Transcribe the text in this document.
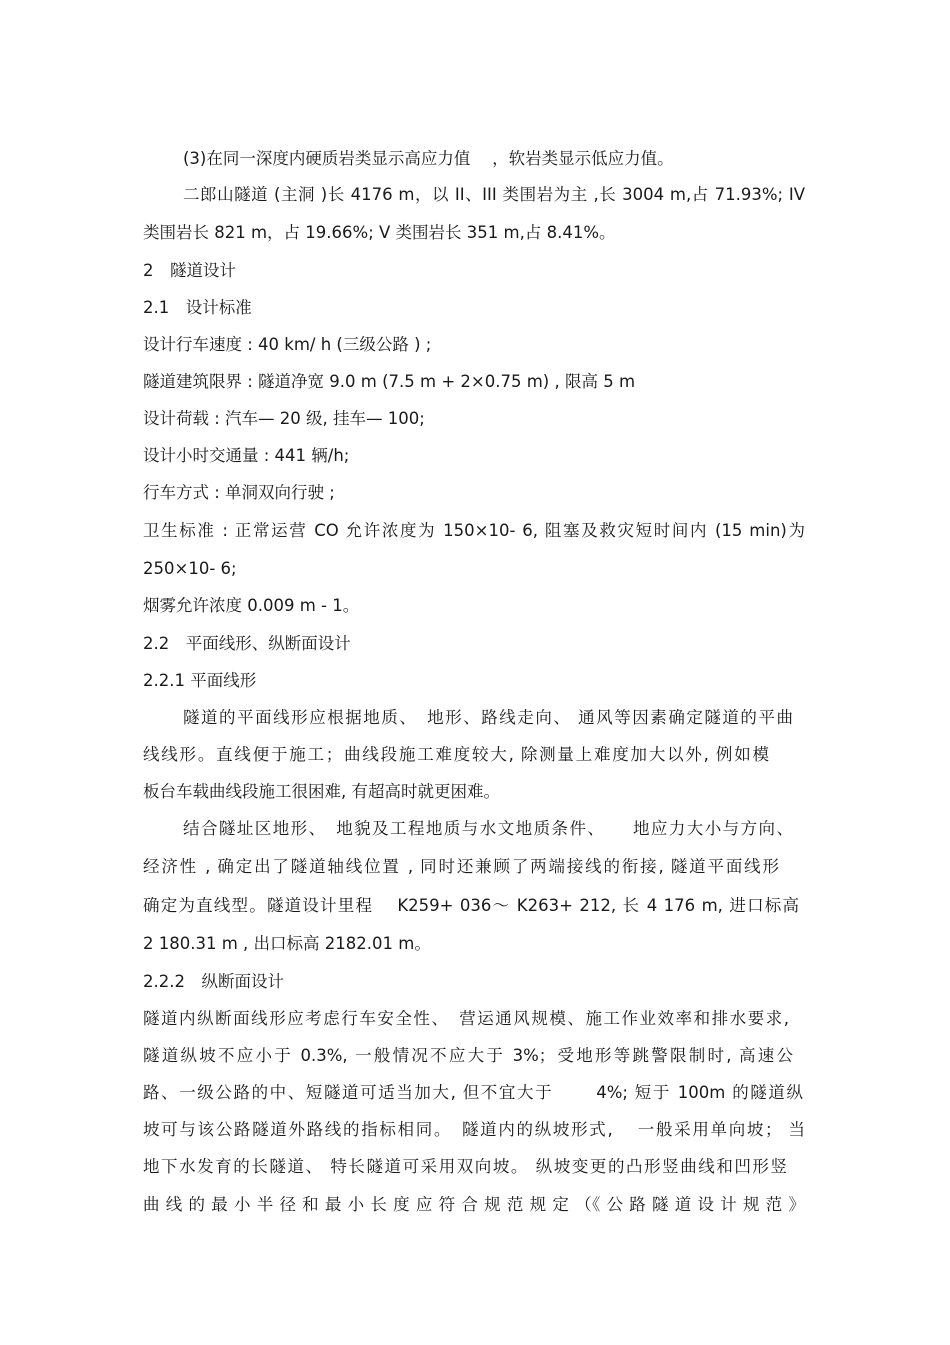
(3)在同一深度内硬质岩类显示高应力值　 ，软岩类显示低应力值。
二郎山隧道 (主洞 )长 4176 m，以 II、III 类围岩为主 ,长 3004 m,占 71.93%; IV
类围岩长 821 m，占 19.66%; V 类围岩长 351 m,占 8.41%。
2　隧道设计
2.1　设计标准
设计行车速度 : 40 km/ h (三级公路 ) ;
隧道建筑限界 : 隧道净宽 9.0 m (7.5 m + 2×0.75 m) , 限高 5 m
设计荷载 : 汽车— 20 级, 挂车— 100;
设计小时交通量 : 441 辆/h;
行车方式 : 单洞双向行驶 ;
卫生标准 : 正常运营 CO 允许浓度为 150×10- 6, 阻塞及救灾短时间内 (15 min)为
250×10- 6;
烟雾允许浓度 0.009 m - 1。
2.2　平面线形、纵断面设计
2.2.1 平面线形
隧道的平面线形应根据地质、　地形、路线走向、 通风等因素确定隧道的平曲
线线形。直线便于施工；曲线段施工难度较大, 除测量上难度加大以外, 例如模
板台车载曲线段施工很困难, 有超高时就更困难。
结合隧址区地形、　地貌及工程地质与水文地质条件、　　地应力大小与方向、
经济性 , 确定出了隧道轴线位置 , 同时还兼顾了两端接线的衔接, 隧道平面线形
确定为直线型。隧道设计里程　 K259+ 036～ K263+ 212, 长 4 176 m, 进口标高
2 180.31 m , 出口标高 2182.01 m。
2.2.2　纵断面设计
隧道内纵断面线形应考虑行车安全性、　营运通风规模、施工作业效率和排水要求,
隧道纵坡不应小于 0.3%, 一般情况不应大于 3%；受地形等跳警限制时, 高速公
路、一级公路的中、短隧道可适当加大, 但不宜大于　　 4%; 短于 100m 的隧道纵
坡可与该公路隧道外路线的指标相同。　隧道内的纵坡形式, 　一般采用单向坡； 当
地下水发育的长隧道、 特长隧道可采用双向坡。 纵坡变更的凸形竖曲线和凹形竖
曲 线 的 最 小 半 径 和 最 小 长 度 应 符 合 规 范 规 定 （《 公 路 隧 道 设 计 规 范 》
